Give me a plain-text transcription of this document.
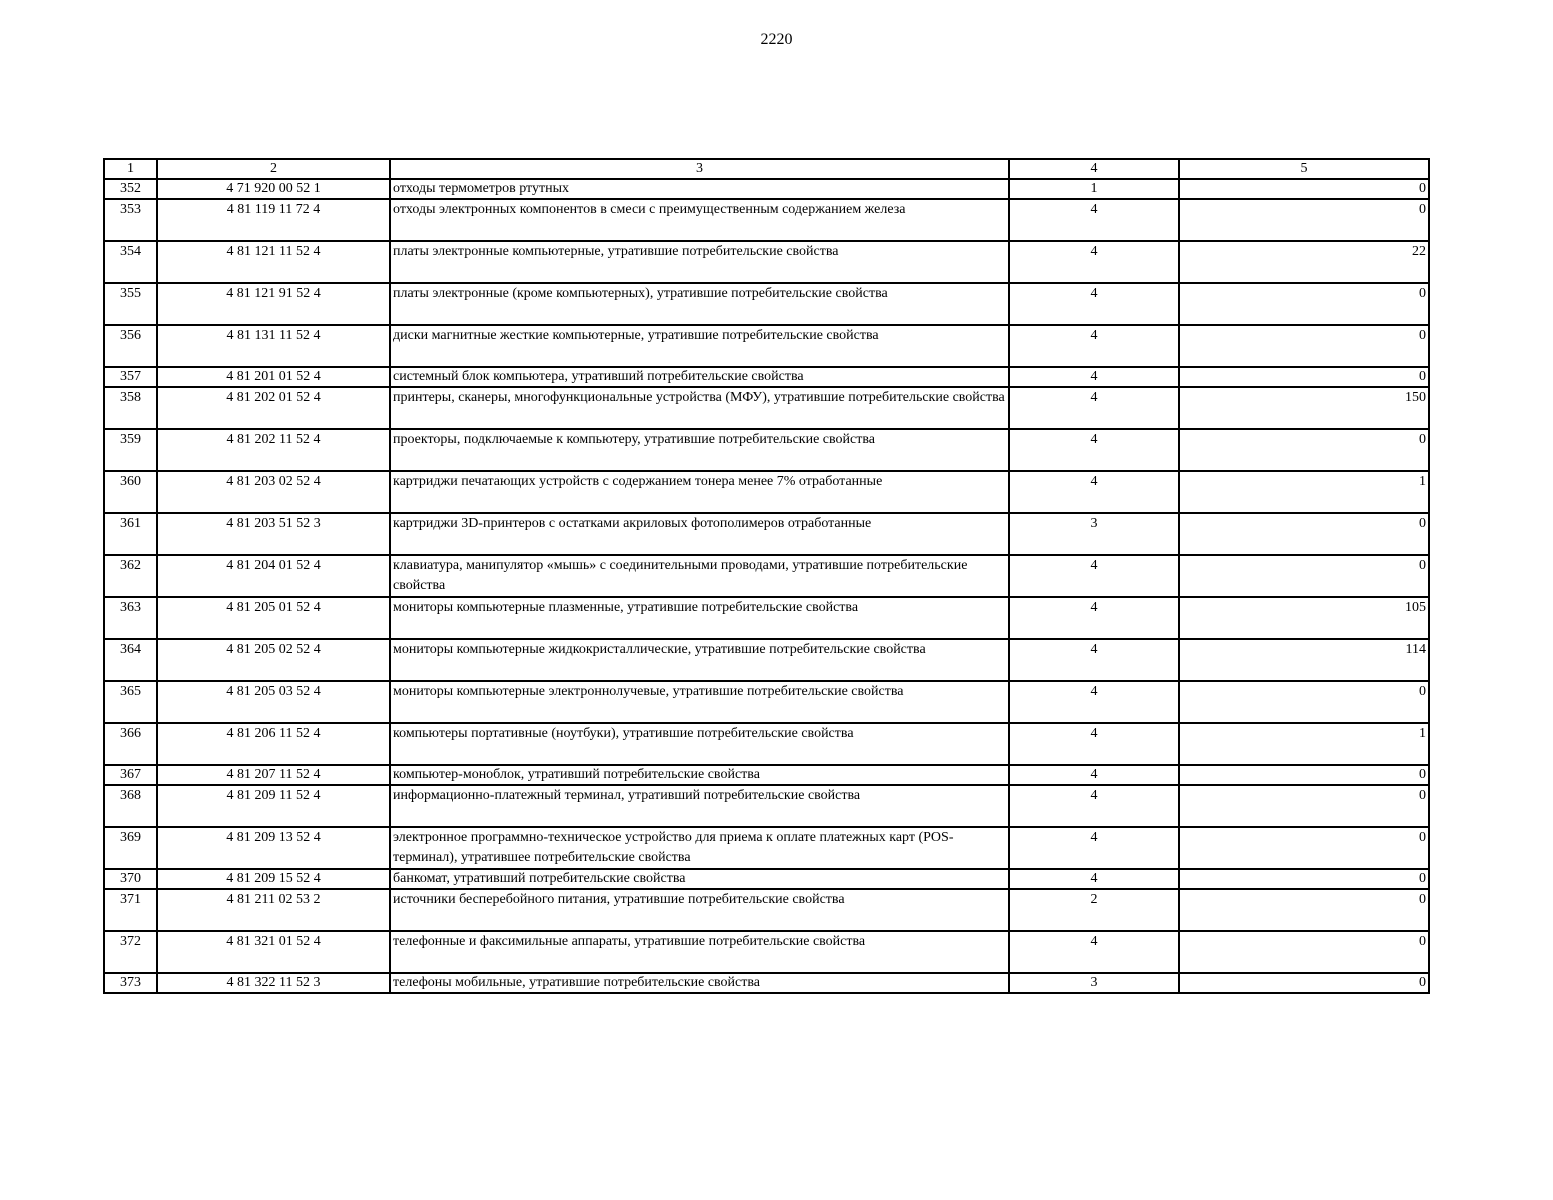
2220
1	2	3	4	5
352	4 71 920 00 52 1	отходы термометров ртутных	1	0
353	4 81 119 11 72 4	отходы электронных компонентов в смеси с преимущественным содержанием железа	4	0
354	4 81 121 11 52 4	платы электронные компьютерные, утратившие потребительские свойства	4	22
355	4 81 121 91 52 4	платы электронные (кроме компьютерных), утратившие потребительские свойства	4	0
356	4 81 131 11 52 4	диски магнитные жесткие компьютерные, утратившие потребительские свойства	4	0
357	4 81 201 01 52 4	системный блок компьютера, утративший потребительские свойства	4	0
358	4 81 202 01 52 4	принтеры, сканеры, многофункциональные устройства (МФУ), утратившие потребительские свойства	4	150
359	4 81 202 11 52 4	проекторы, подключаемые к компьютеру, утратившие потребительские свойства	4	0
360	4 81 203 02 52 4	картриджи печатающих устройств с содержанием тонера менее 7% отработанные	4	1
361	4 81 203 51 52 3	картриджи 3D-принтеров с остатками акриловых фотополимеров отработанные	3	0
362	4 81 204 01 52 4	клавиатура, манипулятор «мышь» с соединительными проводами, утратившие потребительские свойства	4	0
363	4 81 205 01 52 4	мониторы компьютерные плазменные, утратившие потребительские свойства	4	105
364	4 81 205 02 52 4	мониторы компьютерные жидкокристаллические, утратившие потребительские свойства	4	114
365	4 81 205 03 52 4	мониторы компьютерные электроннолучевые, утратившие потребительские свойства	4	0
366	4 81 206 11 52 4	компьютеры портативные (ноутбуки), утратившие потребительские свойства	4	1
367	4 81 207 11 52 4	компьютер-моноблок, утративший потребительские свойства	4	0
368	4 81 209 11 52 4	информационно-платежный терминал, утративший потребительские свойства	4	0
369	4 81 209 13 52 4	электронное программно-техническое устройство для приема к оплате платежных карт (POS-терминал), утратившее потребительские свойства	4	0
370	4 81 209 15 52 4	банкомат, утративший потребительские свойства	4	0
371	4 81 211 02 53 2	источники бесперебойного питания, утратившие потребительские свойства	2	0
372	4 81 321 01 52 4	телефонные и факсимильные аппараты, утратившие потребительские свойства	4	0
373	4 81 322 11 52 3	телефоны мобильные, утратившие потребительские свойства	3	0
